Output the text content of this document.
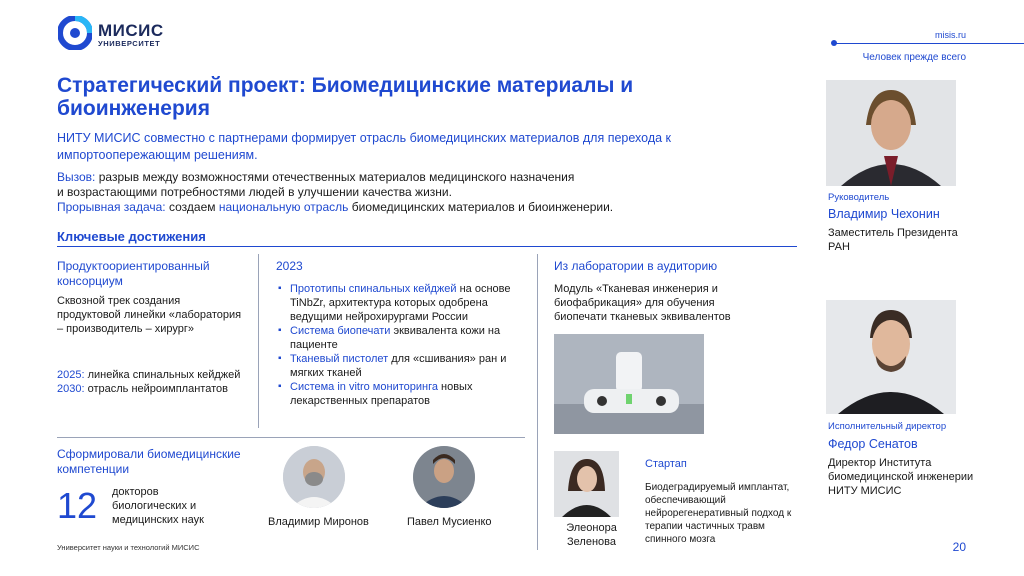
МИСИС
УНИВЕРСИТЕТ
misis.ru
Человек прежде всего
Стратегический проект: Биомедицинские материалы и биоинженерия
НИТУ МИСИС совместно с партнерами формирует отрасль биомедицинских материалов для перехода к импортоопережающим решениям.
Вызов: разрыв между возможностями отечественных материалов медицинского назначения
и возрастающими потребностями людей в улучшении качества жизни.
Прорывная задача: создаем национальную отрасль биомедицинских материалов и биоинженерии.
Ключевые достижения
Продуктоориентированный консорциум
Сквозной трек создания продуктовой линейки «лаборатория – производитель – хирург»
2025: линейка спинальных кейджей
2030: отрасль нейроимплантатов
2023
▪ Прототипы спинальных кейджей на основе TiNbZr, архитектура которых одобрена ведущими нейрохирургами России
▪ Система биопечати эквивалента кожи на пациенте
▪ Тканевый пистолет для «сшивания» ран и мягких тканей
▪ Система in vitro мониторинга новых лекарственных препаратов
Из лаборатории в аудиторию
Модуль «Тканевая инженерия и биофабрикация» для обучения биопечати тканевых эквивалентов
Сформировали биомедицинские компетенции
12 докторов биологических и медицинских наук	Владимир Миронов	Павел Мусиенко	Элеонора Зеленова
Стартап
Биодеградируемый имплантат, обеспечивающий нейрорегенеративный подход к терапии частичных травм спинного мозга
Руководитель
Владимир Чехонин
Заместитель Президента РАН
Исполнительный директор
Федор Сенатов
Директор Института биомедицинской инженерии НИТУ МИСИС
Университет науки и технологий МИСИС	20
